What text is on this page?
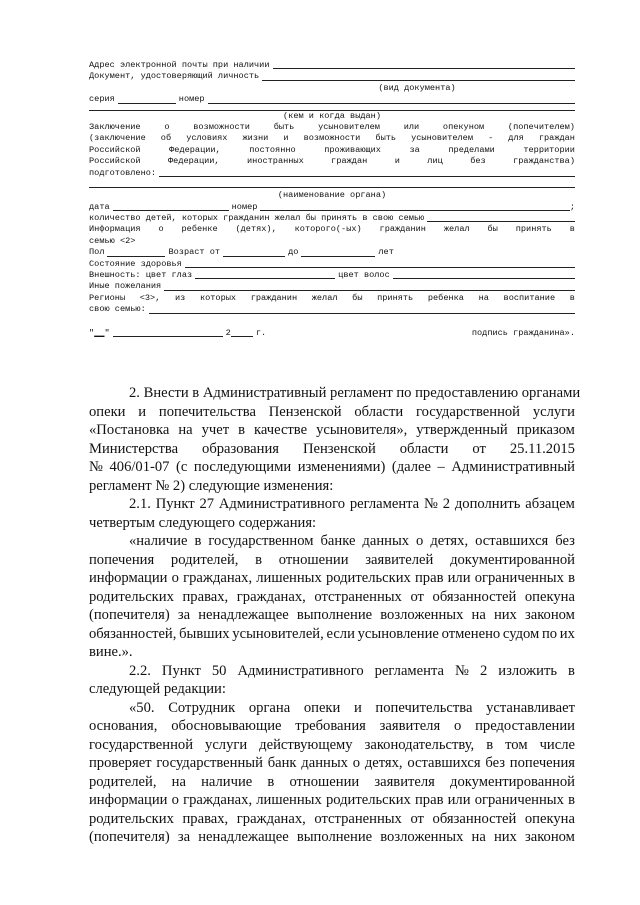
Адрес электронной почты при наличии
Документ, удостоверяющий личность
(вид документа)
серия	номер
(кем и когда выдан)
Заключение	о	возможности	быть	усыновителем	или	опекуном	(попечителем)
(заключение об условиях жизни и возможности быть усыновителем - для граждан
Российской	Федерации,	постоянно	проживающих	за	пределами	территории
Российской	Федерации,	иностранных	граждан	и	лиц	без	гражданства)
подготовлено:
(наименование органа)
дата	номер	;
количество детей, которых гражданин желал бы принять в свою семью
Информация о ребенке (детях), которого(-ых) гражданин желал бы принять в
семью <2>
Пол	Возраст от	до	лет
Состояние здоровья
Внешность: цвет глаз	цвет волос
Иные пожелания
Регионы <3>, из которых гражданин желал бы принять ребенка на воспитание в
свою семью:
" __ "	2	г.	подпись гражданина».
2. Внести в Административный регламент по предоставлению органами
опеки и попечительства Пензенской области государственной услуги
«Постановка на учет в качестве усыновителя», утвержденный приказом
Министерства образования Пензенской области от 25.11.2015
№ 406/01-07 (с последующими изменениями) (далее – Административный
регламент № 2) следующие изменения:
2.1. Пункт 27 Административного регламента № 2 дополнить абзацем
четвертым следующего содержания:
«наличие в государственном банке данных о детях, оставшихся без
попечения родителей, в отношении заявителей документированной
информации о гражданах, лишенных родительских прав или ограниченных в
родительских правах, гражданах, отстраненных от обязанностей опекуна
(попечителя) за ненадлежащее выполнение возложенных на них законом
обязанностей, бывших усыновителей, если усыновление отменено судом по их
вине.».
2.2. Пункт 50 Административного регламента № 2 изложить в
следующей редакции:
«50. Сотрудник органа опеки и попечительства устанавливает
основания, обосновывающие требования заявителя о предоставлении
государственной услуги действующему законодательству, в том числе
проверяет государственный банк данных о детях, оставшихся без попечения
родителей, на наличие в отношении заявителя документированной
информации о гражданах, лишенных родительских прав или ограниченных в
родительских правах, гражданах, отстраненных от обязанностей опекуна
(попечителя) за ненадлежащее выполнение возложенных на них законом
